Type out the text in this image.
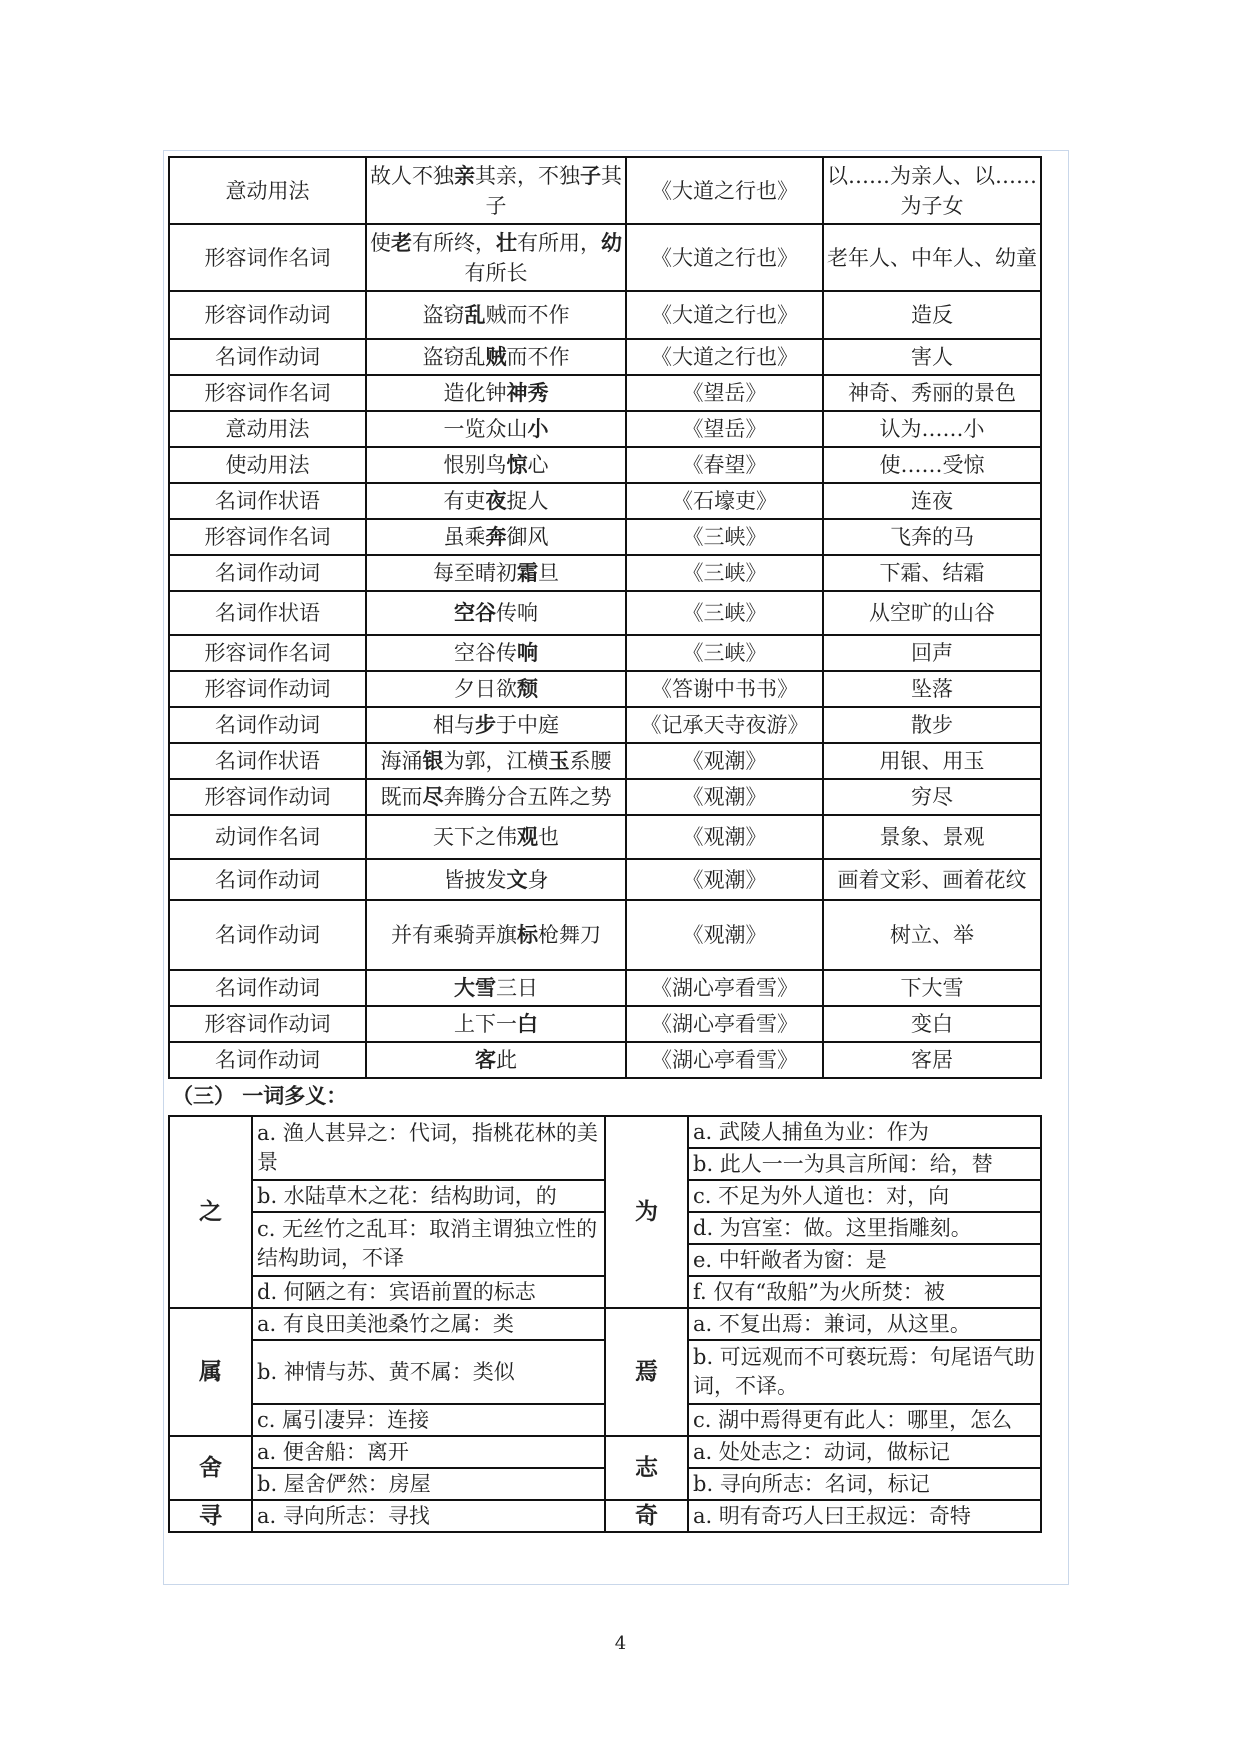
意动用法	故人不独亲其亲，不独子其子	《大道之行也》	以……为亲人、以……为子女
形容词作名词	使老有所终，壮有所用，幼有所长	《大道之行也》	老年人、中年人、幼童
形容词作动词	盗窃乱贼而不作	《大道之行也》	造反
名词作动词	盗窃乱贼而不作	《大道之行也》	害人
形容词作名词	造化钟神秀	《望岳》	神奇、秀丽的景色
意动用法	一览众山小	《望岳》	认为……小
使动用法	恨别鸟惊心	《春望》	使……受惊
名词作状语	有吏夜捉人	《石壕吏》	连夜
形容词作名词	虽乘奔御风	《三峡》	飞奔的马
名词作动词	每至晴初霜旦	《三峡》	下霜、结霜
名词作状语	空谷传响	《三峡》	从空旷的山谷
形容词作名词	空谷传响	《三峡》	回声
形容词作动词	夕日欲颓	《答谢中书书》	坠落
名词作动词	相与步于中庭	《记承天寺夜游》	散步
名词作状语	海涌银为郭，江横玉系腰	《观潮》	用银、用玉
形容词作动词	既而尽奔腾分合五阵之势	《观潮》	穷尽
动词作名词	天下之伟观也	《观潮》	景象、景观
名词作动词	皆披发文身	《观潮》	画着文彩、画着花纹
名词作动词	并有乘骑弄旗标枪舞刀	《观潮》	树立、举
名词作动词	大雪三日	《湖心亭看雪》	下大雪
形容词作动词	上下一白	《湖心亭看雪》	变白
名词作动词	客此	《湖心亭看雪》	客居
（三） 一词多义：
之	a. 渔人甚异之：代词，指桃花林的美景	为	a. 武陵人捕鱼为业：作为
			b. 此人一一为具言所闻：给，替
	b. 水陆草木之花：结构助词，的		c. 不足为外人道也：对，向
	c. 无丝竹之乱耳：取消主谓独立性的结构助词，不译		d. 为宫室：做。这里指雕刻。
			e. 中轩敞者为窗：是
	d. 何陋之有：宾语前置的标志		f. 仅有“敌船”为火所焚：被
属	a. 有良田美池桑竹之属：类	焉	a. 不复出焉：兼词，从这里。
	b. 神情与苏、黄不属：类似		b. 可远观而不可亵玩焉：句尾语气助词，不译。

	c. 属引凄异：连接		c. 湖中焉得更有此人：哪里，怎么
舍	a. 便舍船：离开	志	a. 处处志之：动词，做标记
	b. 屋舍俨然：房屋		b. 寻向所志：名词，标记
寻	a. 寻向所志：寻找	奇	a. 明有奇巧人曰王叔远：奇特
4
